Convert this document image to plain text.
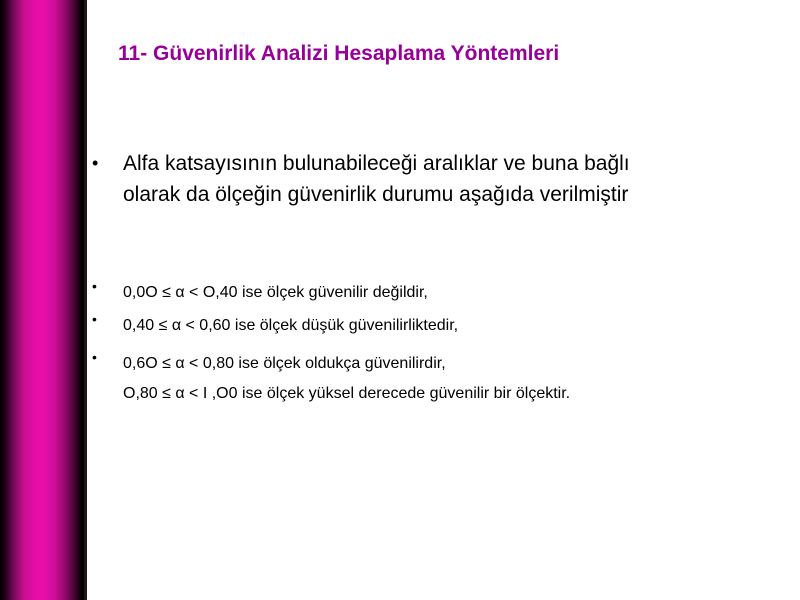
11- Güvenirlik Analizi Hesaplama Yöntemleri
• Alfa katsayısının bulunabileceği aralıklar ve buna bağlı
olarak da ölçeğin güvenirlik durumu aşağıda verilmiştir
• 0,0O ≤ α < O,40 ise ölçek güvenilir değildir,
• 0,40 ≤ α < 0,60 ise ölçek düşük güvenilirliktedir,
• 0,6O ≤ α < 0,80 ise ölçek oldukça güvenilirdir,
O,80 ≤ α < I ,O0 ise ölçek yüksel derecede güvenilir bir ölçektir.
